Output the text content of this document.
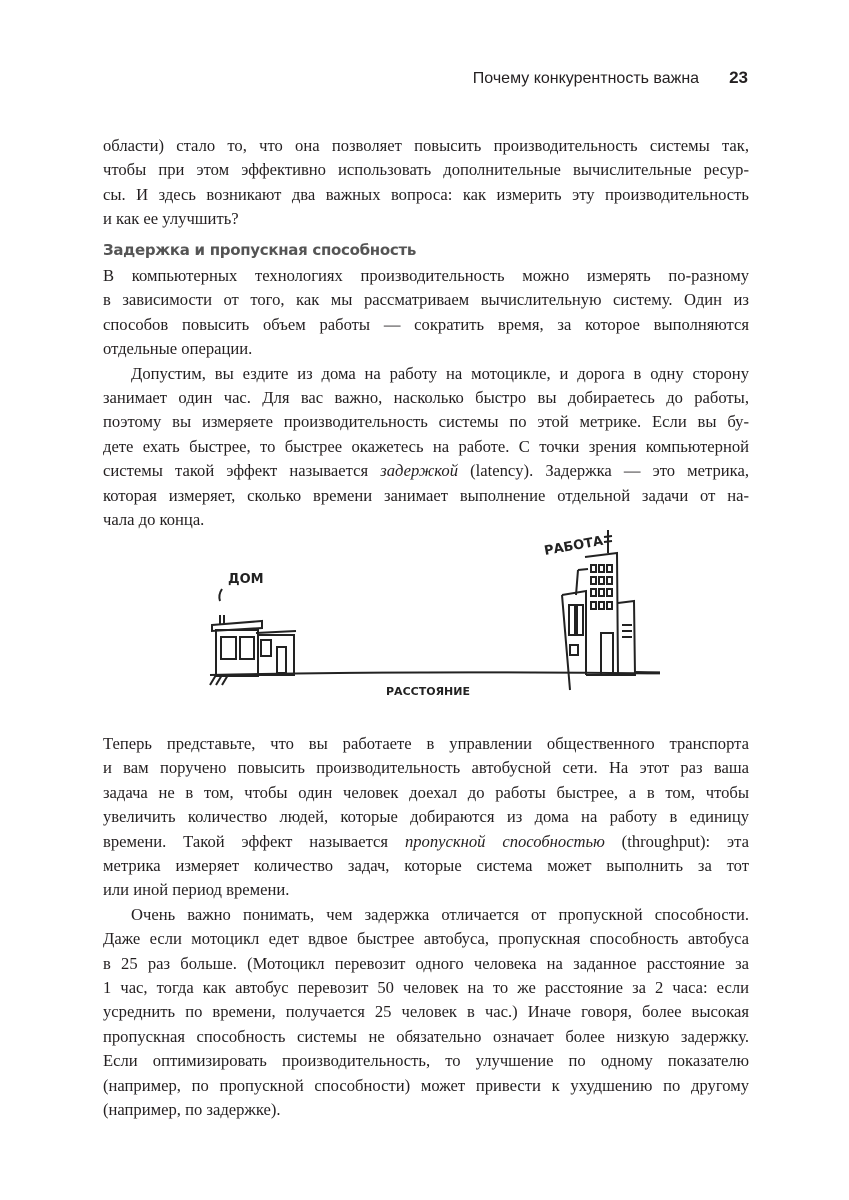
Почему конкурентность важна 23
области) стало то, что она позволяет повысить производительность системы так,
чтобы при этом эффективно использовать дополнительные вычислительные ресур-
сы. И здесь возникают два важных вопроса: как измерить эту производительность
и как ее улучшить?
Задержка и пропускная способность
В компьютерных технологиях производительность можно измерять по-разному
в зависимости от того, как мы рассматриваем вычислительную систему. Один из
способов повысить объем работы — сократить время, за которое выполняются
отдельные операции.
Допустим, вы ездите из дома на работу на мотоцикле, и дорога в одну сторону
занимает один час. Для вас важно, насколько быстро вы добираетесь до работы,
поэтому вы измеряете производительность системы по этой метрике. Если вы бу-
дете ехать быстрее, то быстрее окажетесь на работе. С точки зрения компьютерной
системы такой эффект называется задержкой (latency). Задержка — это метрика,
которая измеряет, сколько времени занимает выполнение отдельной задачи от на-
чала до конца.
ДОМ
РАБОТА
РАССТОЯНИЕ
Теперь представьте, что вы работаете в управлении общественного транспорта
и вам поручено повысить производительность автобусной сети. На этот раз ваша
задача не в том, чтобы один человек доехал до работы быстрее, а в том, чтобы
увеличить количество людей, которые добираются из дома на работу в единицу
времени. Такой эффект называется пропускной способностью (throughput): эта
метрика измеряет количество задач, которые система может выполнить за тот
или иной период времени.
Очень важно понимать, чем задержка отличается от пропускной способности.
Даже если мотоцикл едет вдвое быстрее автобуса, пропускная способность автобуса
в 25 раз больше. (Мотоцикл перевозит одного человека на заданное расстояние за
1 час, тогда как автобус перевозит 50 человек на то же расстояние за 2 часа: если
усреднить по времени, получается 25 человек в час.) Иначе говоря, более высокая
пропускная способность системы не обязательно означает более низкую задержку.
Если оптимизировать производительность, то улучшение по одному показателю
(например, по пропускной способности) может привести к ухудшению по другому
(например, по задержке).
